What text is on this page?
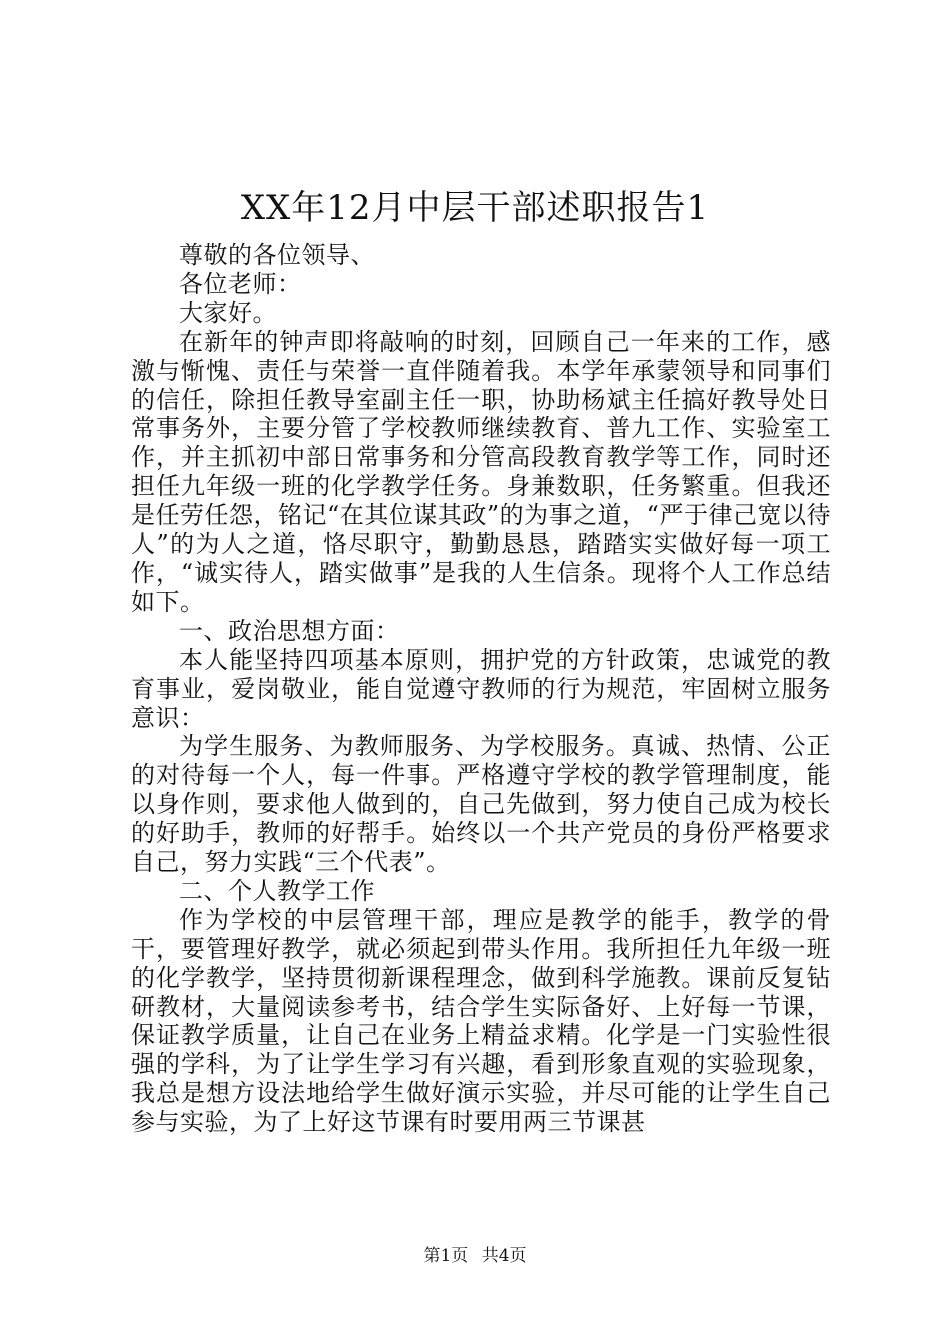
XX年12月中层干部述职报告1

尊敬的各位领导、

各位老师：

大家好。

在新年的钟声即将敲响的时刻，回顾自己一年来的工作，感激与惭愧、责任与荣誉一直伴随着我。本学年承蒙领导和同事们的信任，除担任教导室副主任一职，协助杨斌主任搞好教导处日常事务外，主要分管了学校教师继续教育、普九工作、实验室工作，并主抓初中部日常事务和分管高段教育教学等工作，同时还担任九年级一班的化学教学任务。身兼数职，任务繁重。但我还是任劳任怨，铭记“在其位谋其政”的为事之道，“严于律己宽以待人”的为人之道，恪尽职守，勤勤恳恳，踏踏实实做好每一项工作，“诚实待人，踏实做事”是我的人生信条。现将个人工作总结如下。

一、政治思想方面：

本人能坚持四项基本原则，拥护党的方针政策，忠诚党的教育事业，爱岗敬业，能自觉遵守教师的行为规范，牢固树立服务意识：

为学生服务、为教师服务、为学校服务。真诚、热情、公正的对待每一个人，每一件事。严格遵守学校的教学管理制度，能以身作则，要求他人做到的，自己先做到，努力使自己成为校长的好助手，教师的好帮手。始终以一个共产党员的身份严格要求自己，努力实践“三个代表”。

二、个人教学工作

作为学校的中层管理干部，理应是教学的能手，教学的骨干，要管理好教学，就必须起到带头作用。我所担任九年级一班的化学教学，坚持贯彻新课程理念，做到科学施教。课前反复钻研教材，大量阅读参考书，结合学生实际备好、上好每一节课，保证教学质量，让自己在业务上精益求精。化学是一门实验性很强的学科，为了让学生学习有兴趣，看到形象直观的实验现象，我总是想方设法地给学生做好演示实验，并尽可能的让学生自己参与实验，为了上好这节课有时要用两三节课甚

第1页 共4页
